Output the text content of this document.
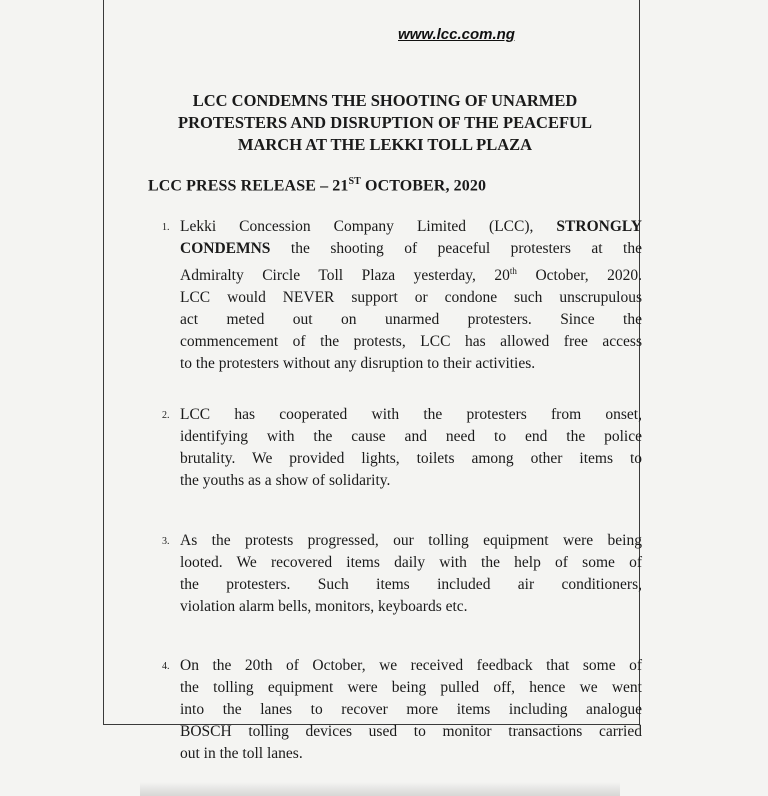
www.lcc.com.ng

LCC CONDEMNS THE SHOOTING OF UNARMED
PROTESTERS AND DISRUPTION OF THE PEACEFUL
MARCH AT THE LEKKI TOLL PLAZA

LCC PRESS RELEASE – 21ST OCTOBER, 2020

1. Lekki Concession Company Limited (LCC), STRONGLY
CONDEMNS the shooting of peaceful protesters at the
Admiralty Circle Toll Plaza yesterday, 20th October, 2020.
LCC would NEVER support or condone such unscrupulous
act meted out on unarmed protesters. Since the
commencement of the protests, LCC has allowed free access
to the protesters without any disruption to their activities.
2. LCC has cooperated with the protesters from onset,
identifying with the cause and need to end the police
brutality. We provided lights, toilets among other items to
the youths as a show of solidarity.
3. As the protests progressed, our tolling equipment were being
looted. We recovered items daily with the help of some of
the protesters. Such items included air conditioners,
violation alarm bells, monitors, keyboards etc.
4. On the 20th of October, we received feedback that some of
the tolling equipment were being pulled off, hence we went
into the lanes to recover more items including analogue
BOSCH tolling devices used to monitor transactions carried
out in the toll lanes.
